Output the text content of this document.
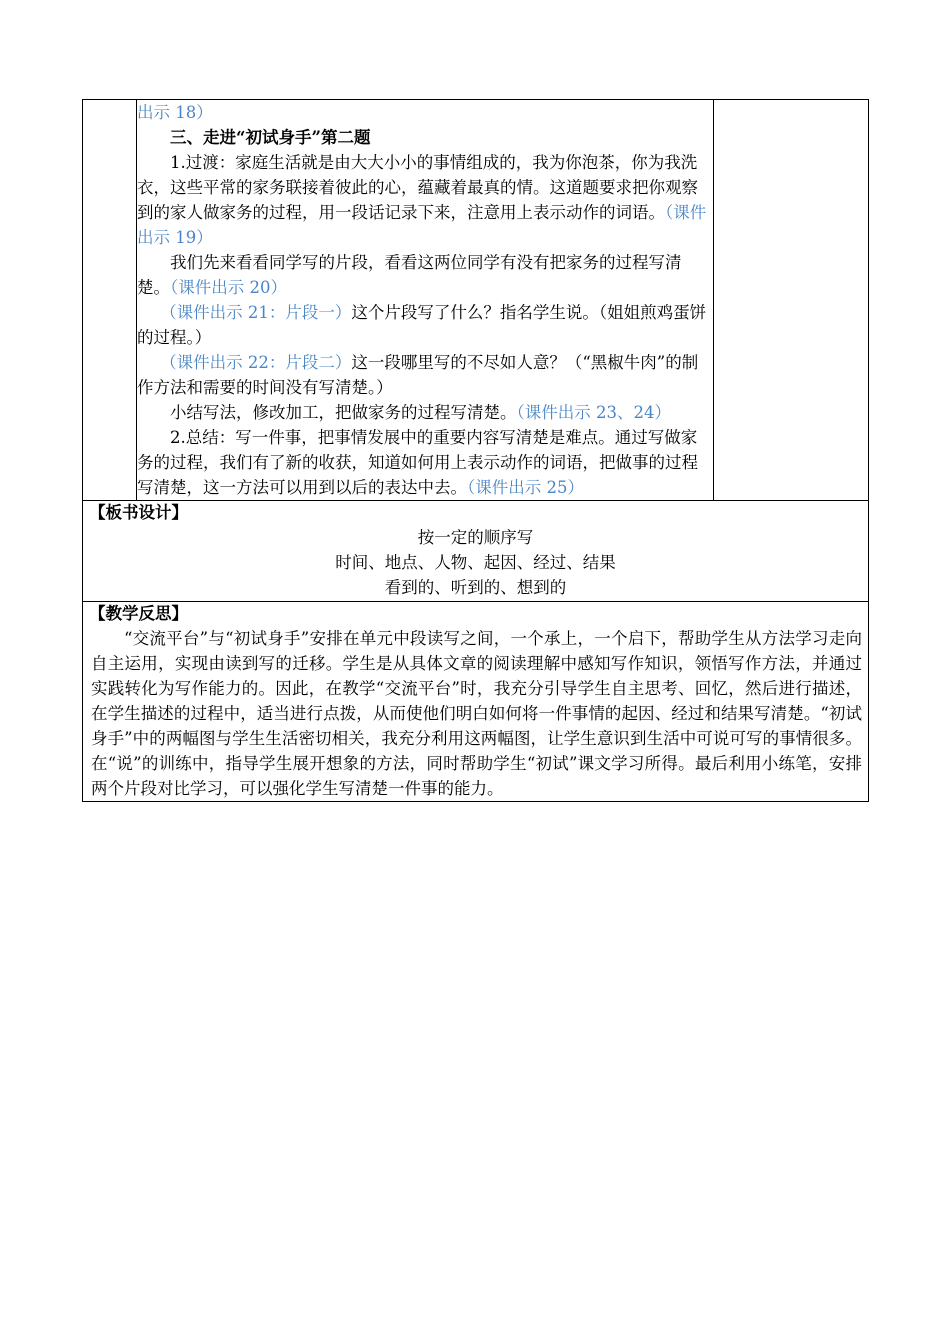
出示 18）

三、走进“初试身手”第二题

1.过渡：家庭生活就是由大大小小的事情组成的，我为你泡茶，你为我洗衣，这些平常的家务联接着彼此的心，蕴藏着最真的情。这道题要求把你观察到的家人做家务的过程，用一段话记录下来，注意用上表示动作的词语。（课件出示 19）

我们先来看看同学写的片段，看看这两位同学有没有把家务的过程写清楚。（课件出示 20）

（课件出示 21：片段一）这个片段写了什么？指名学生说。（姐姐煎鸡蛋饼的过程。）

（课件出示 22：片段二）这一段哪里写的不尽如人意？（“黑椒牛肉”的制作方法和需要的时间没有写清楚。）

小结写法，修改加工，把做家务的过程写清楚。（课件出示 23、24）

2.总结：写一件事，把事情发展中的重要内容写清楚是难点。通过写做家务的过程，我们有了新的收获，知道如何用上表示动作的词语，把做事的过程写清楚，这一方法可以用到以后的表达中去。（课件出示 25）

【板书设计】

按一定的顺序写

时间、地点、人物、起因、经过、结果

看到的、听到的、想到的

【教学反思】

“交流平台”与“初试身手”安排在单元中段读写之间，一个承上，一个启下，帮助学生从方法学习走向自主运用，实现由读到写的迁移。学生是从具体文章的阅读理解中感知写作知识，领悟写作方法，并通过实践转化为写作能力的。因此，在教学“交流平台”时，我充分引导学生自主思考、回忆，然后进行描述，在学生描述的过程中，适当进行点拨，从而使他们明白如何将一件事情的起因、经过和结果写清楚。“初试身手”中的两幅图与学生生活密切相关，我充分利用这两幅图，让学生意识到生活中可说可写的事情很多。在“说”的训练中，指导学生展开想象的方法，同时帮助学生“初试”课文学习所得。最后利用小练笔，安排两个片段对比学习，可以强化学生写清楚一件事的能力。
